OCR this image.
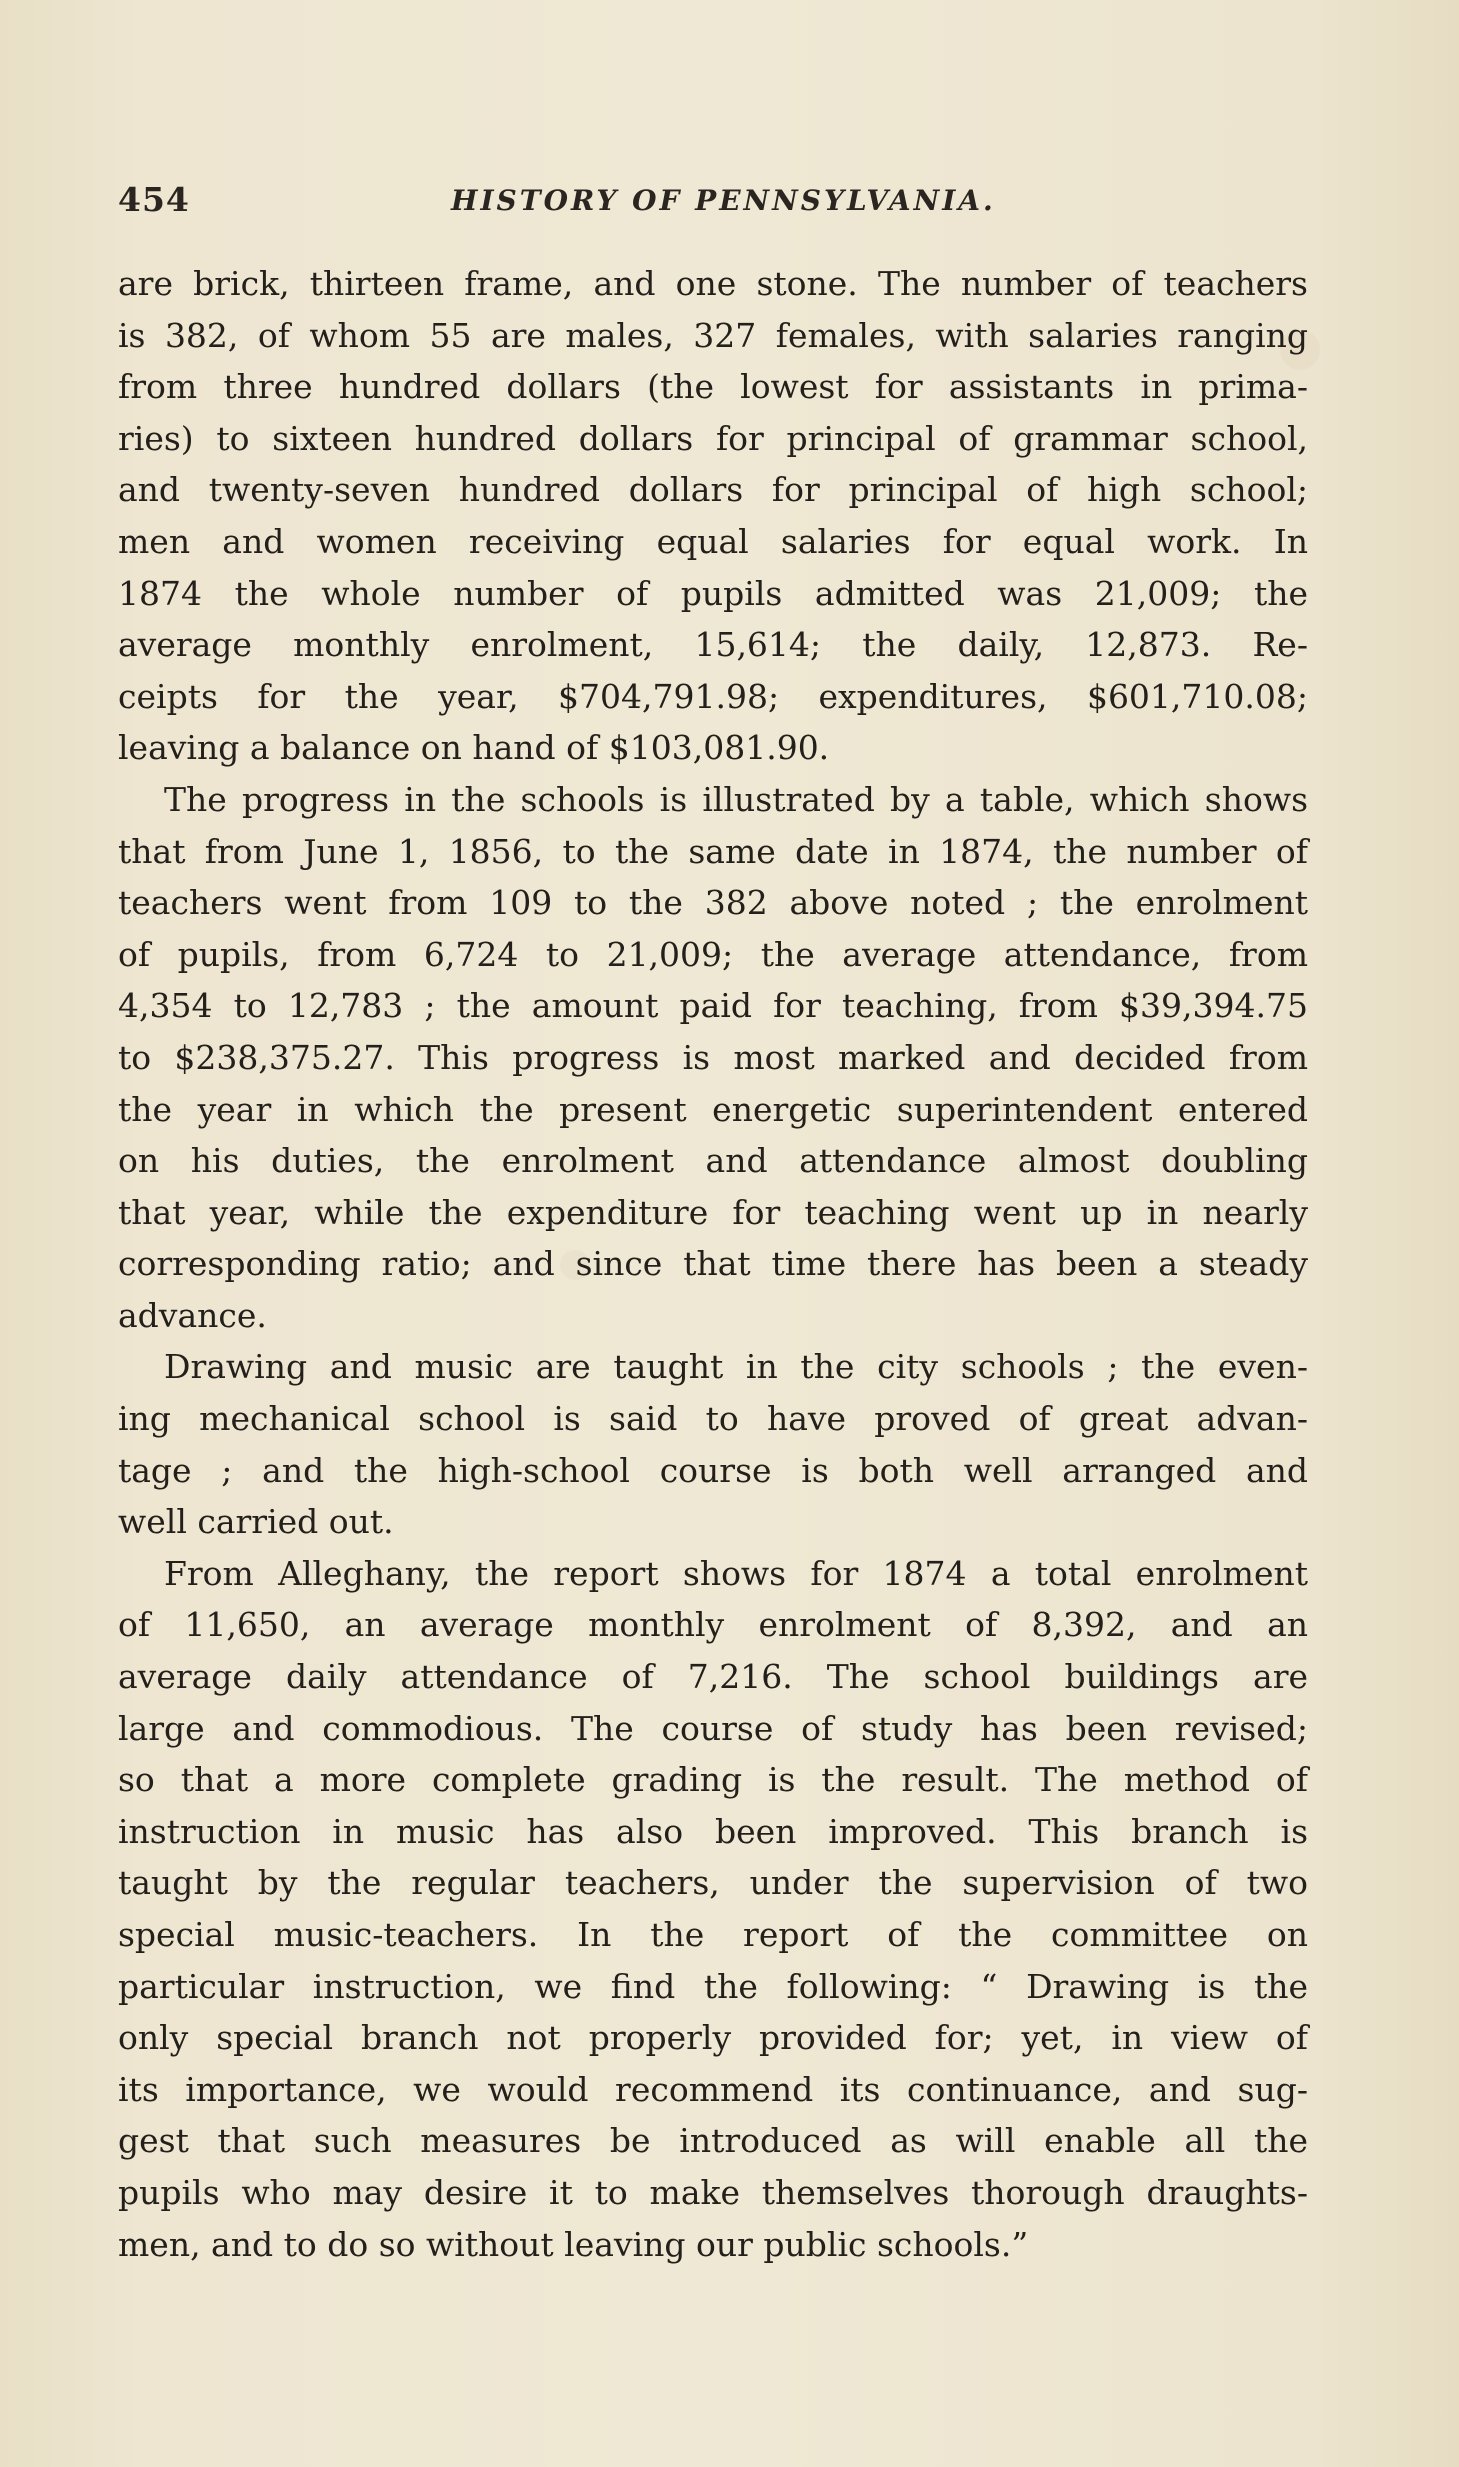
454	HISTORY OF PENNSYLVANIA.
are brick, thirteen frame, and one stone. The number of teachers
is 382, of whom 55 are males, 327 females, with salaries ranging
from three hundred dollars (the lowest for assistants in prima-
ries) to sixteen hundred dollars for principal of grammar school,
and twenty-seven hundred dollars for principal of high school;
men and women receiving equal salaries for equal work. In
1874 the whole number of pupils admitted was 21,009; the
average monthly enrolment, 15,614; the daily, 12,873. Re-
ceipts for the year, $704,791.98; expenditures, $601,710.08;
leaving a balance on hand of $103,081.90.
The progress in the schools is illustrated by a table, which shows
that from June 1, 1856, to the same date in 1874, the number of
teachers went from 109 to the 382 above noted ; the enrolment
of pupils, from 6,724 to 21,009; the average attendance, from
4,354 to 12,783 ; the amount paid for teaching, from $39,394.75
to $238,375.27. This progress is most marked and decided from
the year in which the present energetic superintendent entered
on his duties, the enrolment and attendance almost doubling
that year, while the expenditure for teaching went up in nearly
corresponding ratio; and since that time there has been a steady
advance.
Drawing and music are taught in the city schools ; the even-
ing mechanical school is said to have proved of great advan-
tage ; and the high-school course is both well arranged and
well carried out.
From Alleghany, the report shows for 1874 a total enrolment
of 11,650, an average monthly enrolment of 8,392, and an
average daily attendance of 7,216. The school buildings are
large and commodious. The course of study has been revised;
so that a more complete grading is the result. The method of
instruction in music has also been improved. This branch is
taught by the regular teachers, under the supervision of two
special music-teachers. In the report of the committee on
particular instruction, we find the following: “ Drawing is the
only special branch not properly provided for; yet, in view of
its importance, we would recommend its continuance, and sug-
gest that such measures be introduced as will enable all the
pupils who may desire it to make themselves thorough draughts-
men, and to do so without leaving our public schools.”
